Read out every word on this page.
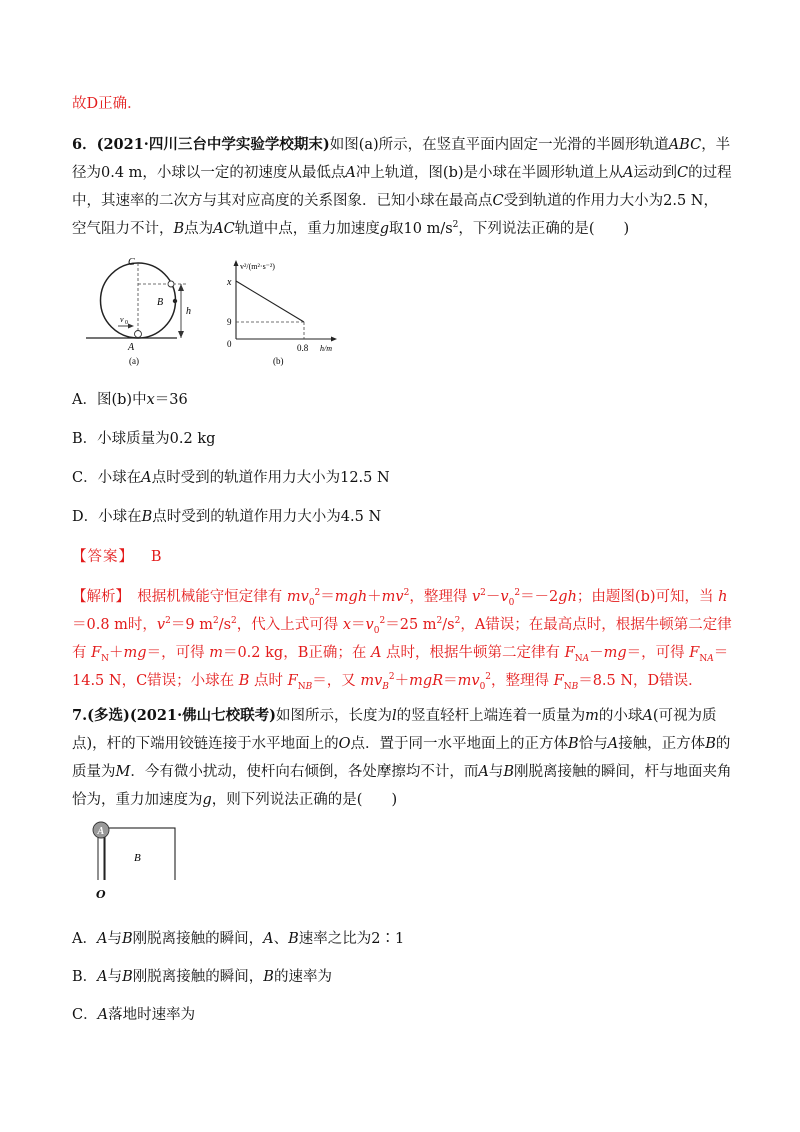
故D正确．
6．(2021·四川三台中学实验学校期末)如图(a)所示，在竖直平面内固定一光滑的半圆形轨道ABC，半径为0.4 m，小球以一定的初速度从最低点A冲上轨道，图(b)是小球在半圆形轨道上从A运动到C的过程中，其速率的二次方与其对应高度的关系图象．已知小球在最高点C受到轨道的作用力大小为2.5 N，空气阻力不计，B点为AC轨道中点，重力加速度g取10 $m/s^2$，下列说法正确的是(　　)
C
B
A
v 0
h
(a)
v²/(m²·s⁻²)
x
9
0	0.8 h/m
(b)
A．图(b)中x＝36
B．小球质量为0.2 kg
C．小球在A点时受到的轨道作用力大小为12.5 N
D．小球在B点时受到的轨道作用力大小为4.5 N
【答案】 B
【解析】　根据机械能守恒定律有 $mv_0^2=mgh+mv^2$，整理得 $v^2-v_0^2=-2gh$；由题图(b)可知，当 h＝0.8 m时，$v^2=9$ $m^2/s^2$，代入上式可得 $x=v_0^2=25$ $m^2/s^2$，A错误；在最高点时，根据牛顿第二定律有 $F_N+mg=$，可得 m＝0.2 kg，B正确；在 A 点时，根据牛顿第二定律有 $F_{NA}-mg=$，可得 $F_{NA}=14.5$ N，C错误；小球在 B 点时 $F_{NB}=$，又 $mv_B^2+mgR=mv_0^2$，整理得 $F_{NB}=8.5$ N，D错误．
7.(多选)(2021·佛山七校联考)如图所示，长度为l的竖直轻杆上端连着一质量为m的小球A(可视为质点)，杆的下端用铰链连接于水平地面上的O点．置于同一水平地面上的正方体B恰与A接触，正方体B的质量为M．今有微小扰动，使杆向右倾倒，各处摩擦均不计，而A与B刚脱离接触的瞬间，杆与地面夹角恰为，重力加速度为g，则下列说法正确的是(　　)
A
B
O
A．A与B刚脱离接触的瞬间，A、B速率之比为2∶1
B．A与B刚脱离接触的瞬间，B的速率为
C．A落地时速率为
